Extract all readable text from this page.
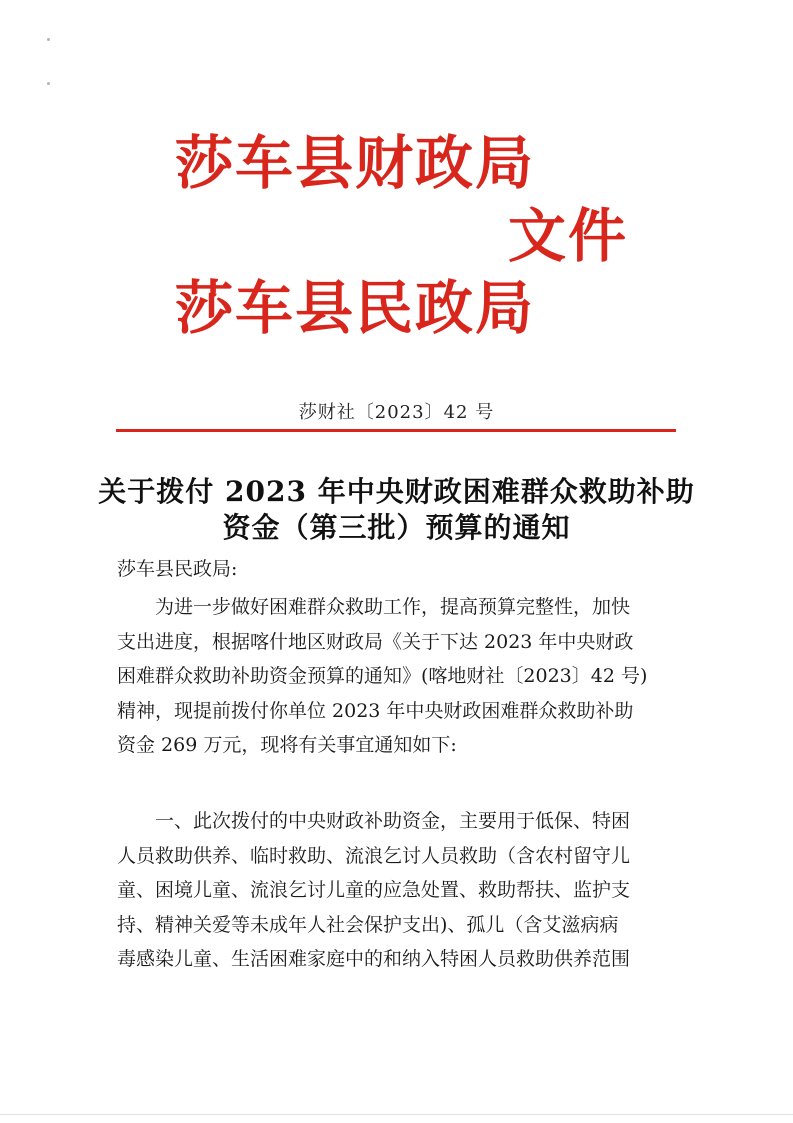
莎车县财政局
文件
莎车县民政局
莎财社〔2023〕42 号
关于拨付 2023 年中央财政困难群众救助补助
资金（第三批）预算的通知
莎车县民政局:
为进一步做好困难群众救助工作，提高预算完整性，加快
支出进度，根据喀什地区财政局《关于下达 2023 年中央财政
困难群众救助补助资金预算的通知》(喀地财社〔2023〕42 号)
精神，现提前拨付你单位 2023 年中央财政困难群众救助补助
资金 269 万元，现将有关事宜通知如下:
一、此次拨付的中央财政补助资金，主要用于低保、特困
人员救助供养、临时救助、流浪乞讨人员救助（含农村留守儿
童、困境儿童、流浪乞讨儿童的应急处置、救助帮扶、监护支
持、精神关爱等未成年人社会保护支出)、孤儿（含艾滋病病
毒感染儿童、生活困难家庭中的和纳入特困人员救助供养范围
